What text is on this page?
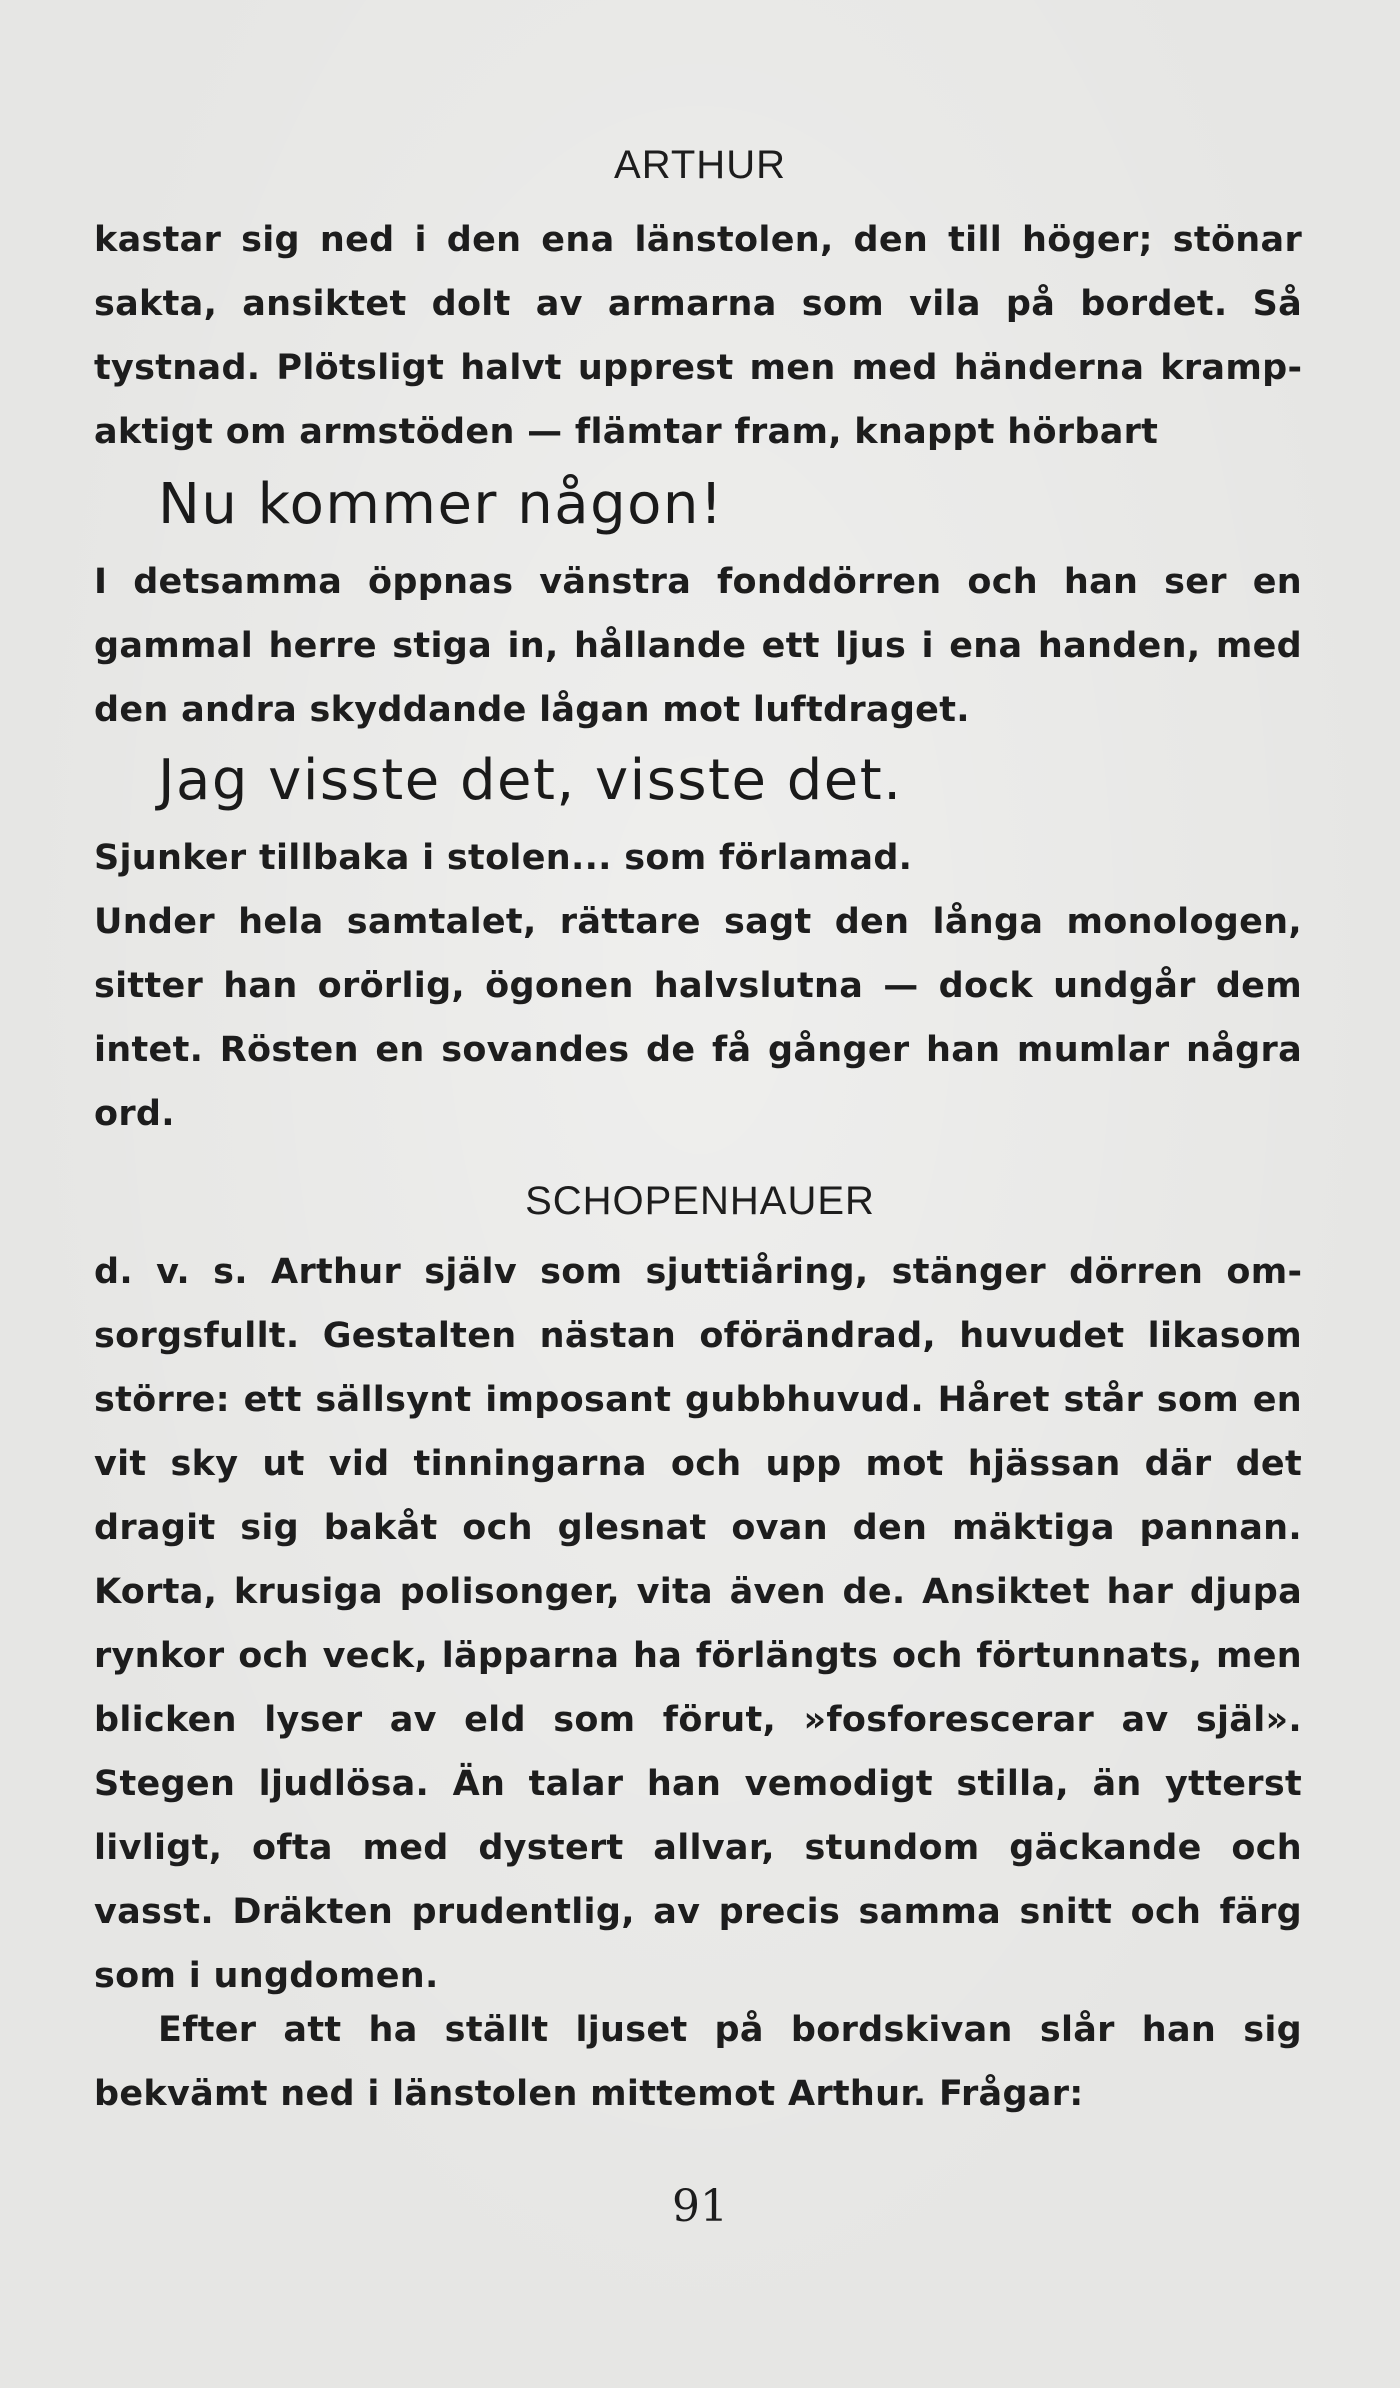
ARTHUR

kastar sig ned i den ena länstolen, den till höger; stönar sakta, ansiktet dolt av armarna som vila på bordet. Så tystnad. Plötsligt halvt upprest men med händerna krampaktigt om armstöden — flämtar fram, knappt hörbart

Nu kommer någon!

I detsamma öppnas vänstra fonddörren och han ser en gammal herre stiga in, hållande ett ljus i ena handen, med den andra skyddande lågan mot luftdraget.

Jag visste det, visste det.

Sjunker tillbaka i stolen... som förlamad.

Under hela samtalet, rättare sagt den långa monologen, sitter han orörlig, ögonen halvslutna — dock undgår dem intet. Rösten en sovandes de få gånger han mumlar några ord.

SCHOPENHAUER

d. v. s. Arthur själv som sjuttiåring, stänger dörren omsorgsfullt. Gestalten nästan oförändrad, huvudet likasom större: ett sällsynt imposant gubbhuvud. Håret står som en vit sky ut vid tinningarna och upp mot hjässan där det dragit sig bakåt och glesnat ovan den mäktiga pannan. Korta, krusiga polisonger, vita även de. Ansiktet har djupa rynkor och veck, läpparna ha förlängts och förtunnats, men blicken lyser av eld som förut, »fosforescerar av själ». Stegen ljudlösa. Än talar han vemodigt stilla, än ytterst livligt, ofta med dystert allvar, stundom gäckande och vasst. Dräkten prudentlig, av precis samma snitt och färg som i ungdomen.

Efter att ha ställt ljuset på bordskivan slår han sig bekvämt ned i länstolen mittemot Arthur. Frågar:

91
